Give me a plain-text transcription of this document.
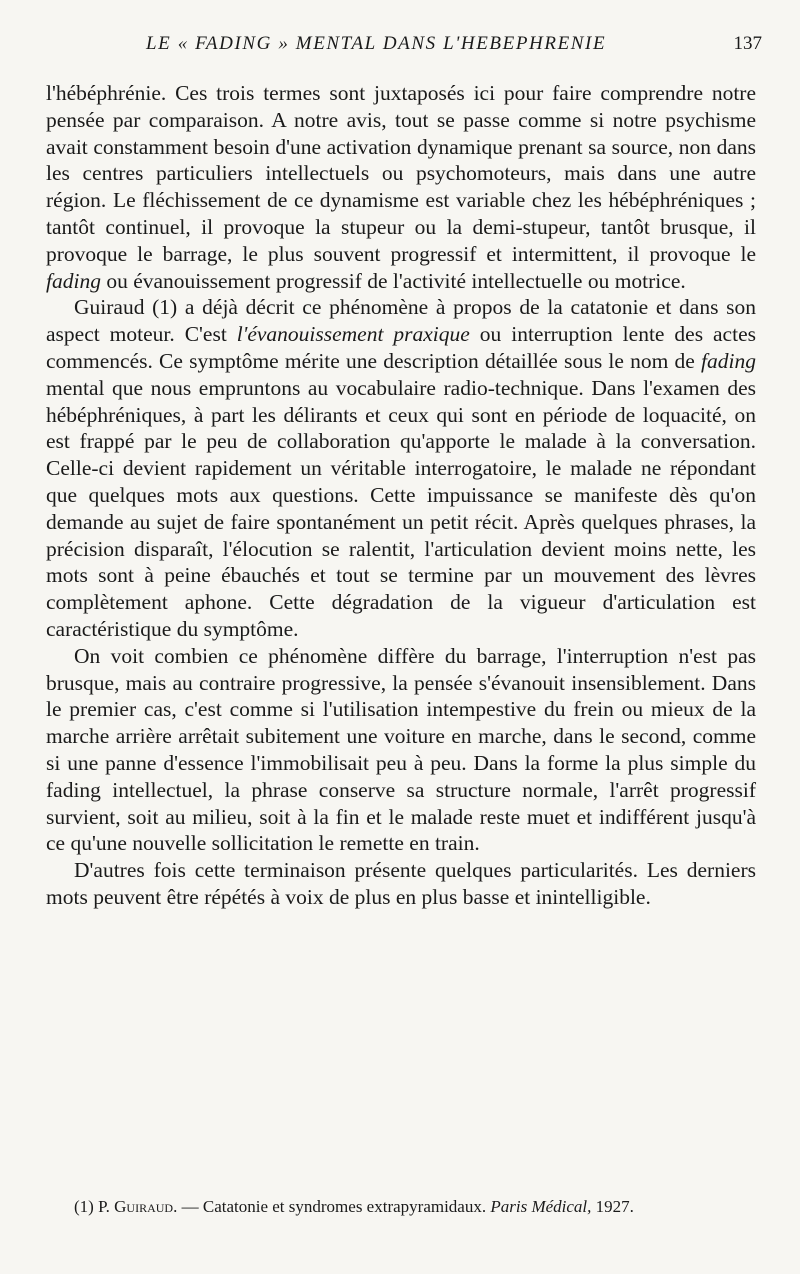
LE « FADING » MENTAL DANS L'HEBEPHRENIE	137

l'hébéphrénie. Ces trois termes sont juxtaposés ici pour faire comprendre notre pensée par comparaison. A notre avis, tout se passe comme si notre psychisme avait constamment besoin d'une activation dynamique prenant sa source, non dans les centres particuliers intellectuels ou psychomoteurs, mais dans une autre région. Le fléchissement de ce dynamisme est variable chez les hébéphréniques ; tantôt continuel, il provoque la stupeur ou la demi-stupeur, tantôt brusque, il provoque le barrage, le plus souvent progressif et intermittent, il provoque le fading ou évanouissement progressif de l'activité intellectuelle ou motrice.

Guiraud (1) a déjà décrit ce phénomène à propos de la catatonie et dans son aspect moteur. C'est l'évanouissement praxique ou interruption lente des actes commencés. Ce symptôme mérite une description détaillée sous le nom de fading mental que nous empruntons au vocabulaire radio-technique. Dans l'examen des hébéphréniques, à part les délirants et ceux qui sont en période de loquacité, on est frappé par le peu de collaboration qu'apporte le malade à la conversation. Celle-ci devient rapidement un véritable interrogatoire, le malade ne répondant que quelques mots aux questions. Cette impuissance se manifeste dès qu'on demande au sujet de faire spontanément un petit récit. Après quelques phrases, la précision disparaît, l'élocution se ralentit, l'articulation devient moins nette, les mots sont à peine ébauchés et tout se termine par un mouvement des lèvres complètement aphone. Cette dégradation de la vigueur d'articulation est caractéristique du symptôme.

On voit combien ce phénomène diffère du barrage, l'interruption n'est pas brusque, mais au contraire progressive, la pensée s'évanouit insensiblement. Dans le premier cas, c'est comme si l'utilisation intempestive du frein ou mieux de la marche arrière arrêtait subitement une voiture en marche, dans le second, comme si une panne d'essence l'immobilisait peu à peu. Dans la forme la plus simple du fading intellectuel, la phrase conserve sa structure normale, l'arrêt progressif survient, soit au milieu, soit à la fin et le malade reste muet et indifférent jusqu'à ce qu'une nouvelle sollicitation le remette en train.

D'autres fois cette terminaison présente quelques particularités. Les derniers mots peuvent être répétés à voix de plus en plus basse et inintelligible.

(1) P. Guiraud. — Catatonie et syndromes extrapyramidaux. Paris Médical, 1927.
